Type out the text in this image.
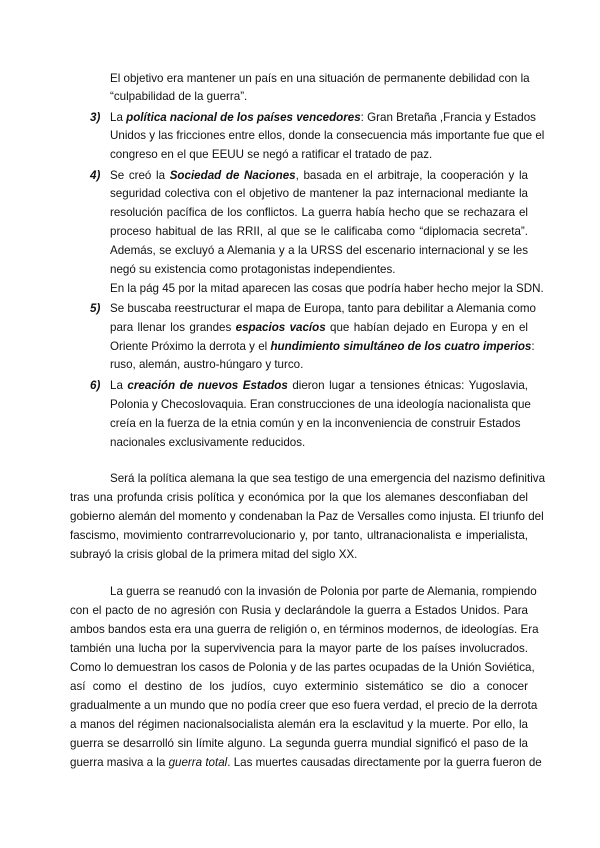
El objetivo era mantener un país en una situación de permanente debilidad con la
“culpabilidad de la guerra”.
3) La política nacional de los países vencedores: Gran Bretaña ,Francia y Estados
Unidos y las fricciones entre ellos, donde la consecuencia más importante fue que el
congreso en el que EEUU se negó a ratificar el tratado de paz.
4) Se creó la Sociedad de Naciones, basada en el arbitraje, la cooperación y la
seguridad colectiva con el objetivo de mantener la paz internacional mediante la
resolución pacífica de los conflictos. La guerra había hecho que se rechazara el
proceso habitual de las RRII, al que se le calificaba como “diplomacia secreta”.
Además, se excluyó a Alemania y a la URSS del escenario internacional y se les
negó su existencia como protagonistas independientes.
En la pág 45 por la mitad aparecen las cosas que podría haber hecho mejor la SDN.
5) Se buscaba reestructurar el mapa de Europa, tanto para debilitar a Alemania como
para llenar los grandes espacios vacíos que habían dejado en Europa y en el
Oriente Próximo la derrota y el hundimiento simultáneo de los cuatro imperios:
ruso, alemán, austro-húngaro y turco.
6) La creación de nuevos Estados dieron lugar a tensiones étnicas: Yugoslavia,
Polonia y Checoslovaquia. Eran construcciones de una ideología nacionalista que
creía en la fuerza de la etnia común y en la inconveniencia de construir Estados
nacionales exclusivamente reducidos.
Será la política alemana la que sea testigo de una emergencia del nazismo definitiva
tras una profunda crisis política y económica por la que los alemanes desconfiaban del
gobierno alemán del momento y condenaban la Paz de Versalles como injusta. El triunfo del
fascismo, movimiento contrarrevolucionario y, por tanto, ultranacionalista e imperialista,
subrayó la crisis global de la primera mitad del siglo XX.
La guerra se reanudó con la invasión de Polonia por parte de Alemania, rompiendo
con el pacto de no agresión con Rusia y declarándole la guerra a Estados Unidos. Para
ambos bandos esta era una guerra de religión o, en términos modernos, de ideologías. Era
también una lucha por la supervivencia para la mayor parte de los países involucrados.
Como lo demuestran los casos de Polonia y de las partes ocupadas de la Unión Soviética,
así como el destino de los judíos, cuyo exterminio sistemático se dio a conocer
gradualmente a un mundo que no podía creer que eso fuera verdad, el precio de la derrota
a manos del régimen nacionalsocialista alemán era la esclavitud y la muerte. Por ello, la
guerra se desarrolló sin límite alguno. La segunda guerra mundial significó el paso de la
guerra masiva a la guerra total. Las muertes causadas directamente por la guerra fueron de
